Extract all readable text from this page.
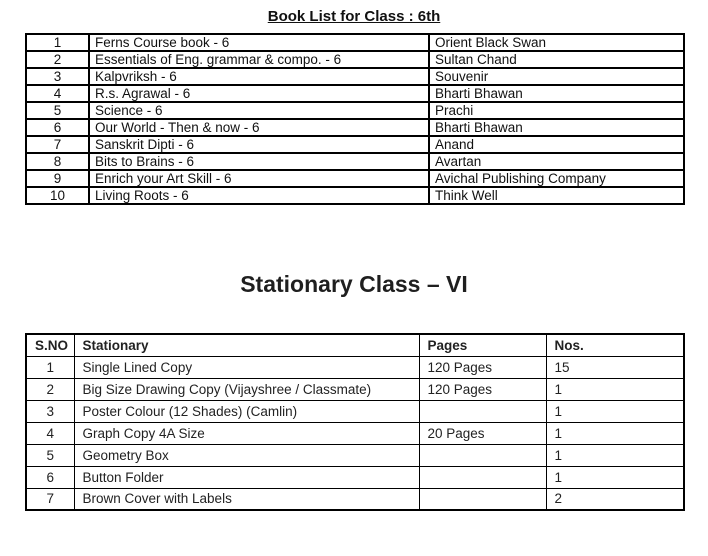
Book List for Class : 6th
1	Ferns Course book - 6	Orient Black Swan
2	Essentials of Eng. grammar & compo. - 6	Sultan Chand
3	Kalpvriksh - 6	Souvenir
4	R.s. Agrawal - 6	Bharti Bhawan
5	Science - 6	Prachi
6	Our World - Then & now - 6	Bharti Bhawan
7	Sanskrit Dipti - 6	Anand
8	Bits to Brains - 6	Avartan
9	Enrich your Art Skill - 6	Avichal Publishing Company
10	Living Roots - 6	Think Well
Stationary Class – VI
S.NO	Stationary	Pages	Nos.
1	Single Lined Copy	120 Pages	15
2	Big Size Drawing Copy (Vijayshree / Classmate)	120 Pages	1
3	Poster Colour (12 Shades) (Camlin)		1
4	Graph Copy 4A Size	20 Pages	1
5	Geometry Box		1
6	Button Folder		1
7	Brown Cover with Labels		2
